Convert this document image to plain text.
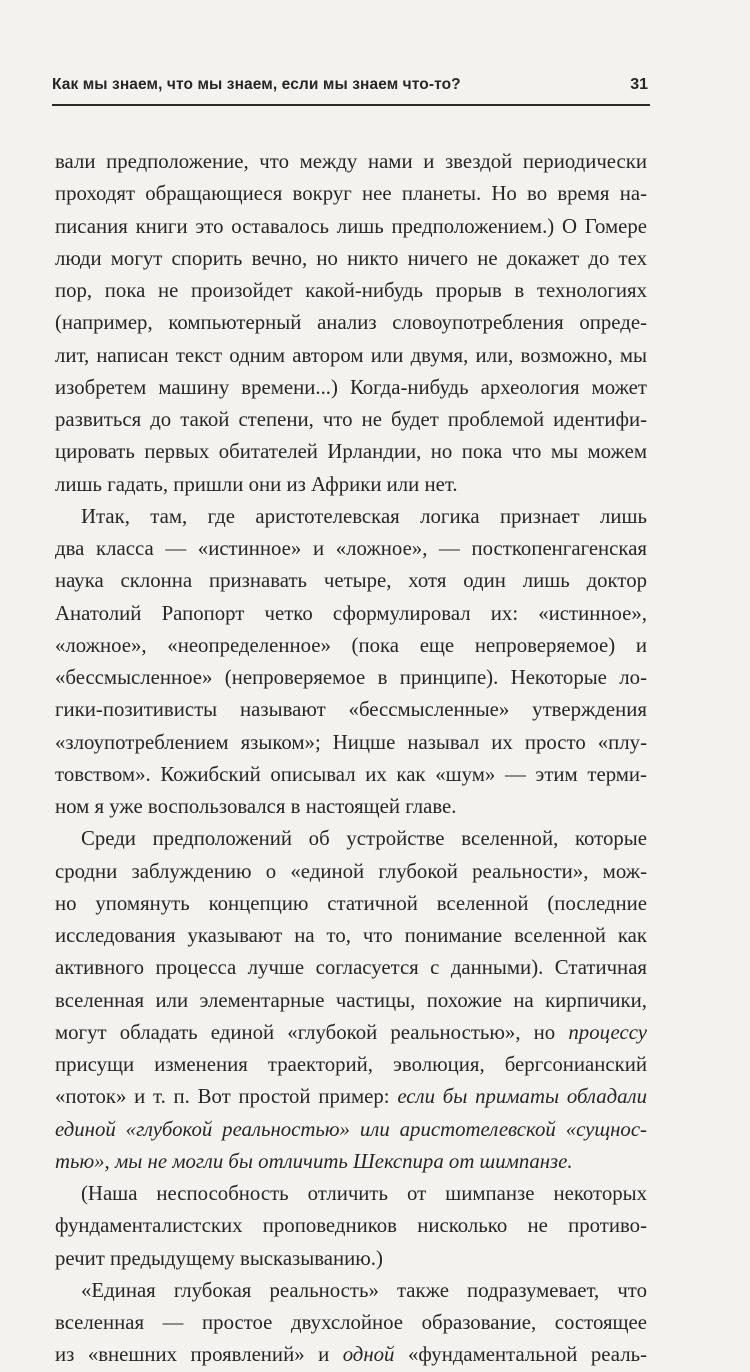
Как мы знаем, что мы знаем, если мы знаем что-то?	31
вали предположение, что между нами и звездой периодически
проходят обращающиеся вокруг нее планеты. Но во время на-
писания книги это оставалось лишь предположением.) О Гомере
люди могут спорить вечно, но никто ничего не докажет до тех
пор, пока не произойдет какой-нибудь прорыв в технологиях
(например, компьютерный анализ словоупотребления опреде-
лит, написан текст одним автором или двумя, или, возможно, мы
изобретем машину времени...) Когда-нибудь археология может
развиться до такой степени, что не будет проблемой идентифи-
цировать первых обитателей Ирландии, но пока что мы можем
лишь гадать, пришли они из Африки или нет.
Итак, там, где аристотелевская логика признает лишь
два класса — «истинное» и «ложное», — посткопенгагенская
наука склонна признавать четыре, хотя один лишь доктор
Анатолий Рапопорт четко сформулировал их: «истинное»,
«ложное», «неопределенное» (пока еще непроверяемое) и
«бессмысленное» (непроверяемое в принципе). Некоторые ло-
гики-позитивисты называют «бессмысленные» утверждения
«злоупотреблением языком»; Ницше называл их просто «плу-
товством». Кожибский описывал их как «шум» — этим терми-
ном я уже воспользовался в настоящей главе.
Среди предположений об устройстве вселенной, которые
сродни заблуждению о «единой глубокой реальности», мож-
но упомянуть концепцию статичной вселенной (последние
исследования указывают на то, что понимание вселенной как
активного процесса лучше согласуется с данными). Статичная
вселенная или элементарные частицы, похожие на кирпичики,
могут обладать единой «глубокой реальностью», но процессу
присущи изменения траекторий, эволюция, бергсонианский
«поток» и т. п. Вот простой пример: если бы приматы обладали
единой «глубокой реальностью» или аристотелевской «сущнос-
тью», мы не могли бы отличить Шекспира от шимпанзе.
(Наша неспособность отличить от шимпанзе некоторых
фундаменталистских проповедников нисколько не противо-
речит предыдущему высказыванию.)
«Единая глубокая реальность» также подразумевает, что
вселенная — простое двухслойное образование, состоящее
из «внешних проявлений» и одной «фундаментальной реаль-
